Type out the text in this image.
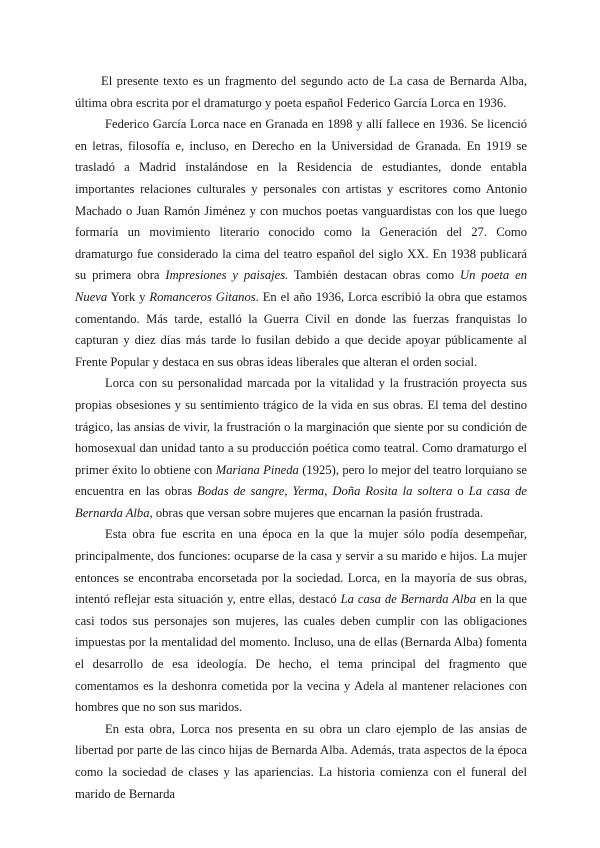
El presente texto es un fragmento del segundo acto de La casa de Bernarda Alba, última obra escrita por el dramaturgo y poeta español Federico García Lorca en 1936.

Federico García Lorca nace en Granada en 1898 y allí fallece en 1936. Se licenció en letras, filosofía e, incluso, en Derecho en la Universidad de Granada. En 1919 se trasladó a Madrid instalándose en la Residencia de estudiantes, donde entabla importantes relaciones culturales y personales con artistas y escritores como Antonio Machado o Juan Ramón Jiménez y con muchos poetas vanguardistas con los que luego formaría un movimiento literario conocido como la Generación del 27. Como dramaturgo fue considerado la cima del teatro español del siglo XX. En 1938 publicará su primera obra Impresiones y paisajes. También destacan obras como Un poeta en Nueva York y Romanceros Gitanos. En el año 1936, Lorca escribió la obra que estamos comentando. Más tarde, estalló la Guerra Civil en donde las fuerzas franquistas lo capturan y diez días más tarde lo fusilan debido a que decide apoyar públicamente al Frente Popular y destaca en sus obras ideas liberales que alteran el orden social.

Lorca con su personalidad marcada por la vitalidad y la frustración proyecta sus propias obsesiones y su sentimiento trágico de la vida en sus obras. El tema del destino trágico, las ansias de vivir, la frustración o la marginación que siente por su condición de homosexual dan unidad tanto a su producción poética como teatral. Como dramaturgo el primer éxito lo obtiene con Mariana Pineda (1925), pero lo mejor del teatro lorquiano se encuentra en las obras Bodas de sangre, Yerma, Doña Rosita la soltera o La casa de Bernarda Alba, obras que versan sobre mujeres que encarnan la pasión frustrada.

Esta obra fue escrita en una época en la que la mujer sólo podía desempeñar, principalmente, dos funciones: ocuparse de la casa y servir a su marido e hijos. La mujer entonces se encontraba encorsetada por la sociedad. Lorca, en la mayoría de sus obras, intentó reflejar esta situación y, entre ellas, destacó La casa de Bernarda Alba en la que casi todos sus personajes son mujeres, las cuales deben cumplir con las obligaciones impuestas por la mentalidad del momento. Incluso, una de ellas (Bernarda Alba) fomenta el desarrollo de esa ideología. De hecho, el tema principal del fragmento que comentamos es la deshonra cometida por la vecina y Adela al mantener relaciones con hombres que no son sus maridos.

En esta obra, Lorca nos presenta en su obra un claro ejemplo de las ansias de libertad por parte de las cinco hijas de Bernarda Alba. Además, trata aspectos de la época como la sociedad de clases y las apariencias. La historia comienza con el funeral del marido de Bernarda
